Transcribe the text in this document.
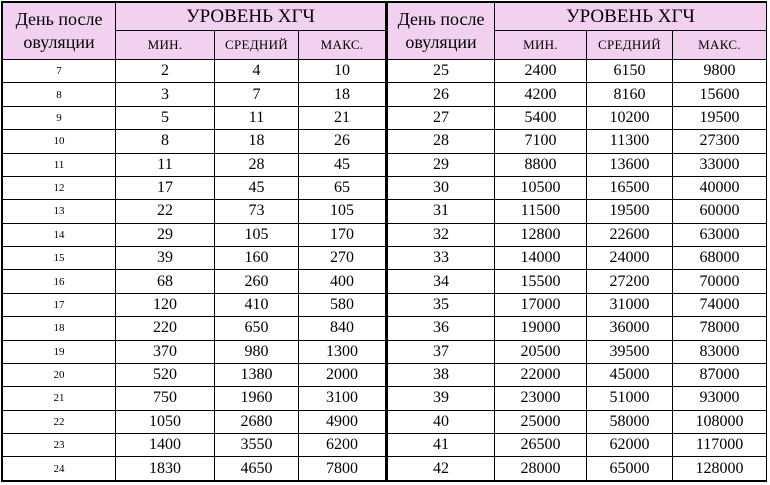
День после овуляции	УРОВЕНЬ ХГЧ			День после овуляции	УРОВЕНЬ ХГЧ		
	МИН.	СРЕДНИЙ	МАКС.		МИН.	СРЕДНИЙ	МАКС.
7	2	4	10	25	2400	6150	9800
8	3	7	18	26	4200	8160	15600
9	5	11	21	27	5400	10200	19500
10	8	18	26	28	7100	11300	27300
11	11	28	45	29	8800	13600	33000
12	17	45	65	30	10500	16500	40000
13	22	73	105	31	11500	19500	60000
14	29	105	170	32	12800	22600	63000
15	39	160	270	33	14000	24000	68000
16	68	260	400	34	15500	27200	70000
17	120	410	580	35	17000	31000	74000
18	220	650	840	36	19000	36000	78000
19	370	980	1300	37	20500	39500	83000
20	520	1380	2000	38	22000	45000	87000
21	750	1960	3100	39	23000	51000	93000
22	1050	2680	4900	40	25000	58000	108000
23	1400	3550	6200	41	26500	62000	117000
24	1830	4650	7800	42	28000	65000	128000
